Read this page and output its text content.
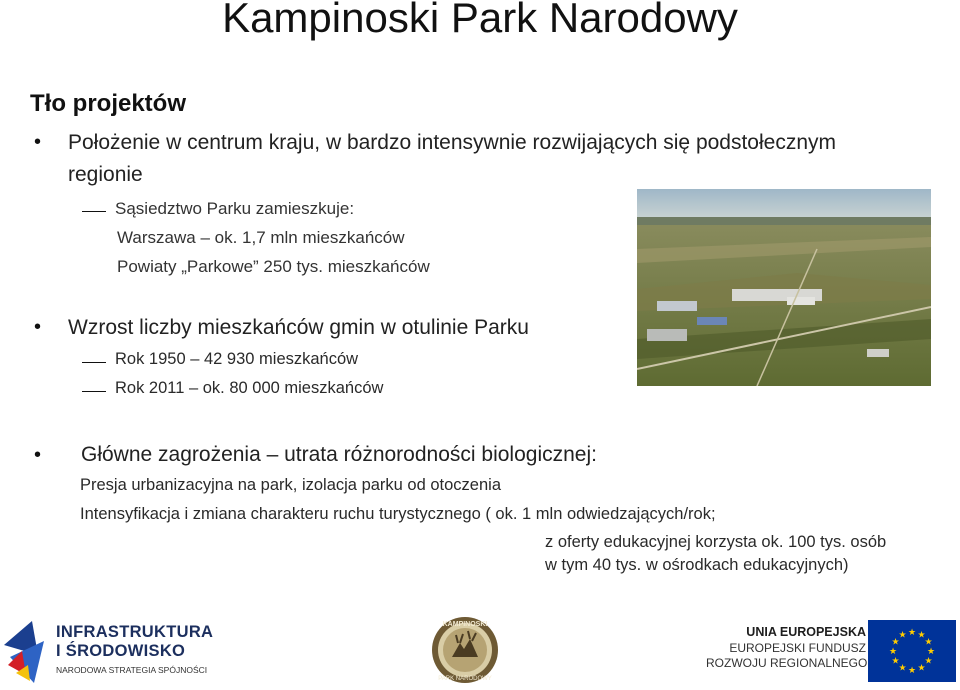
Kampinoski Park Narodowy
Tło projektów
• Położenie w centrum kraju, w bardzo intensywnie rozwijających się podstołecznym
regionie
Sąsiedztwo Parku zamieszkuje:
Warszawa – ok. 1,7 mln mieszkańców
Powiaty „Parkowe” 250 tys. mieszkańców
• Wzrost liczby mieszkańców gmin w otulinie Parku
Rok 1950 – 42 930 mieszkańców
Rok 2011 – ok. 80 000 mieszkańców
• Główne zagrożenia – utrata różnorodności biologicznej:
Presja urbanizacyjna na park, izolacja parku od otoczenia
Intensyfikacja i zmiana charakteru ruchu turystycznego ( ok. 1 mln odwiedzających/rok;
z oferty edukacyjnej korzysta ok. 100 tys. osób
w tym 40 tys. w ośrodkach edukacyjnych)
INFRASTRUKTURA
I ŚRODOWISKO
NARODOWA STRATEGIA SPÓJNOŚCI
KAMPINOSKI
PARK NARODOWY
UNIA EUROPEJSKA
EUROPEJSKI FUNDUSZ
ROZWOJU REGIONALNEGO
★ ★
★
★
★
★
★
★
★
★
★
★
